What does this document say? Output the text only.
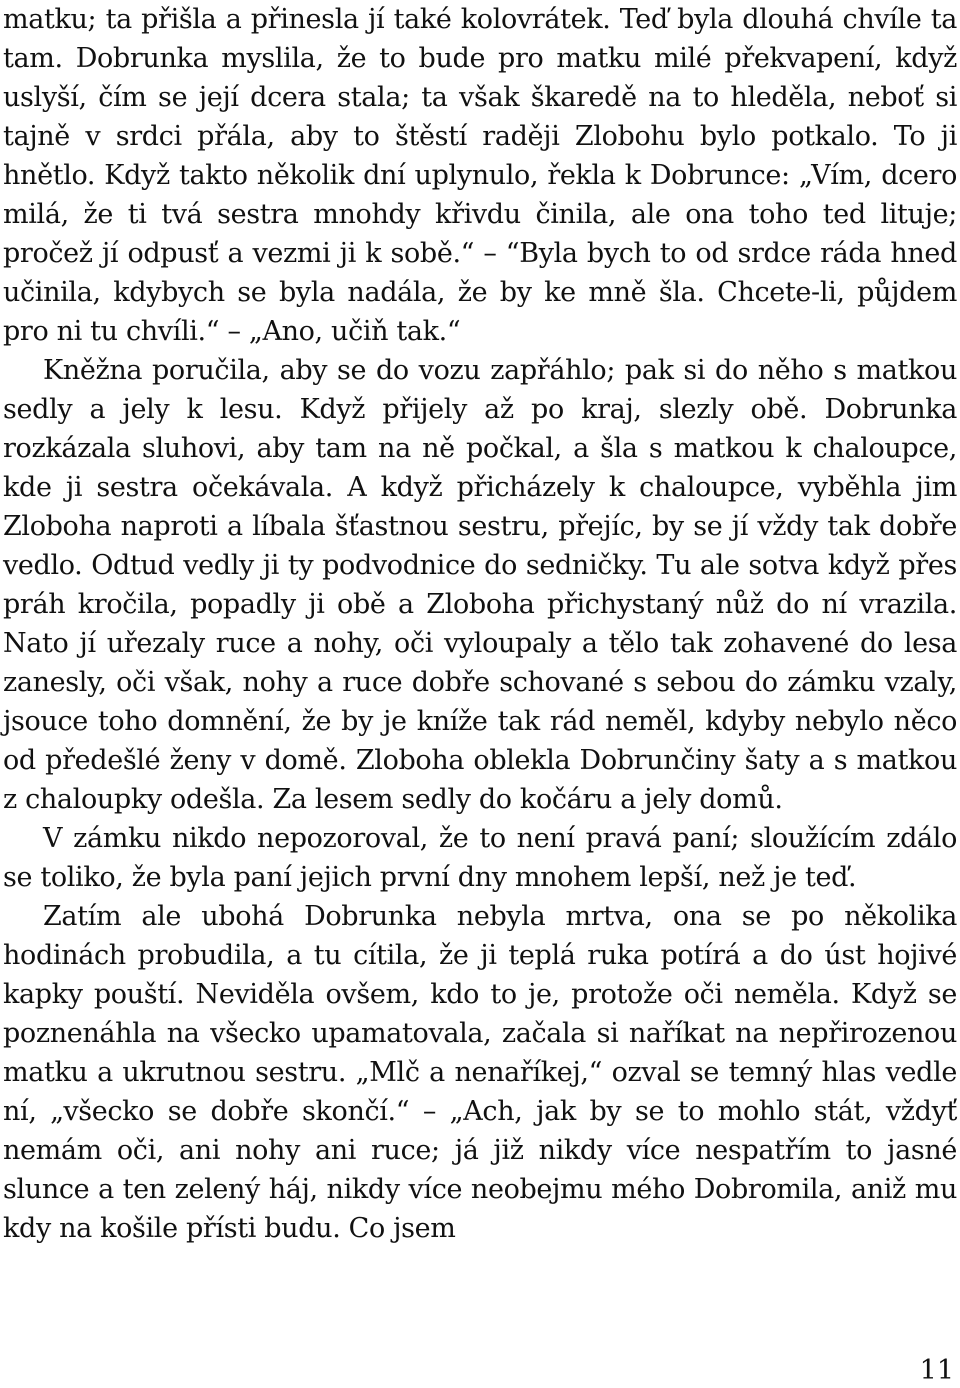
matku; ta přišla a přinesla jí také kolovrátek. Teď byla dlouhá chvíle ta tam. Dobrunka myslila, že to bude pro matku milé překvapení, když uslyší, čím se její dcera stala; ta však škaredě na to hleděla, neboť si tajně v srdci přála, aby to štěstí raději Zlobohu bylo potkalo. To ji hnětlo. Když takto několik dní uplynulo, řekla k Dobrunce: „Vím, dcero milá, že ti tvá sestra mnohdy křivdu činila, ale ona toho ted lituje; pročež jí odpusť a vezmi ji k sobě.“ – “Byla bych to od srdce ráda hned učinila, kdybych se byla nadála, že by ke mně šla. Chcete-li, půjdem pro ni tu chvíli.“ – „Ano, učiň tak.“

Kněžna poručila, aby se do vozu zapřáhlo; pak si do něho s matkou sedly a jely k lesu. Když přijely až po kraj, slezly obě. Dobrunka rozkázala sluhovi, aby tam na ně počkal, a šla s matkou k chaloupce, kde ji sestra očekávala. A když přicházely k chaloupce, vyběhla jim Zloboha naproti a líbala šťastnou sestru, přejíc, by se jí vždy tak dobře vedlo. Odtud vedly ji ty podvodnice do sedničky. Tu ale sotva když přes práh kročila, popadly ji obě a Zloboha přichystaný nůž do ní vrazila. Nato jí uřezaly ruce a nohy, oči vyloupaly a tělo tak zohavené do lesa zanesly, oči však, nohy a ruce dobře schované s sebou do zámku vzaly, jsouce toho domnění, že by je kníže tak rád neměl, kdyby nebylo něco od předešlé ženy v domě. Zloboha oblekla Dobrunčiny šaty a s matkou z chaloupky odešla. Za lesem sedly do kočáru a jely domů.

V zámku nikdo nepozoroval, že to není pravá paní; sloužícím zdálo se toliko, že byla paní jejich první dny mnohem lepší, než je teď.

Zatím ale ubohá Dobrunka nebyla mrtva, ona se po několika hodinách probudila, a tu cítila, že ji teplá ruka potírá a do úst hojivé kapky pouští. Neviděla ovšem, kdo to je, protože oči neměla. Když se poznenáhla na všecko upamatovala, začala si naříkat na nepřirozenou matku a ukrutnou sestru. „Mlč a nenaříkej,“ ozval se temný hlas vedle ní, „všecko se dobře skončí.“ – „Ach, jak by se to mohlo stát, vždyť nemám oči, ani nohy ani ruce; já již nikdy více nespatřím to jasné slunce a ten zelený háj, nikdy více neobejmu mého Dobromila, aniž mu kdy na košile přísti budu. Co jsem

11
